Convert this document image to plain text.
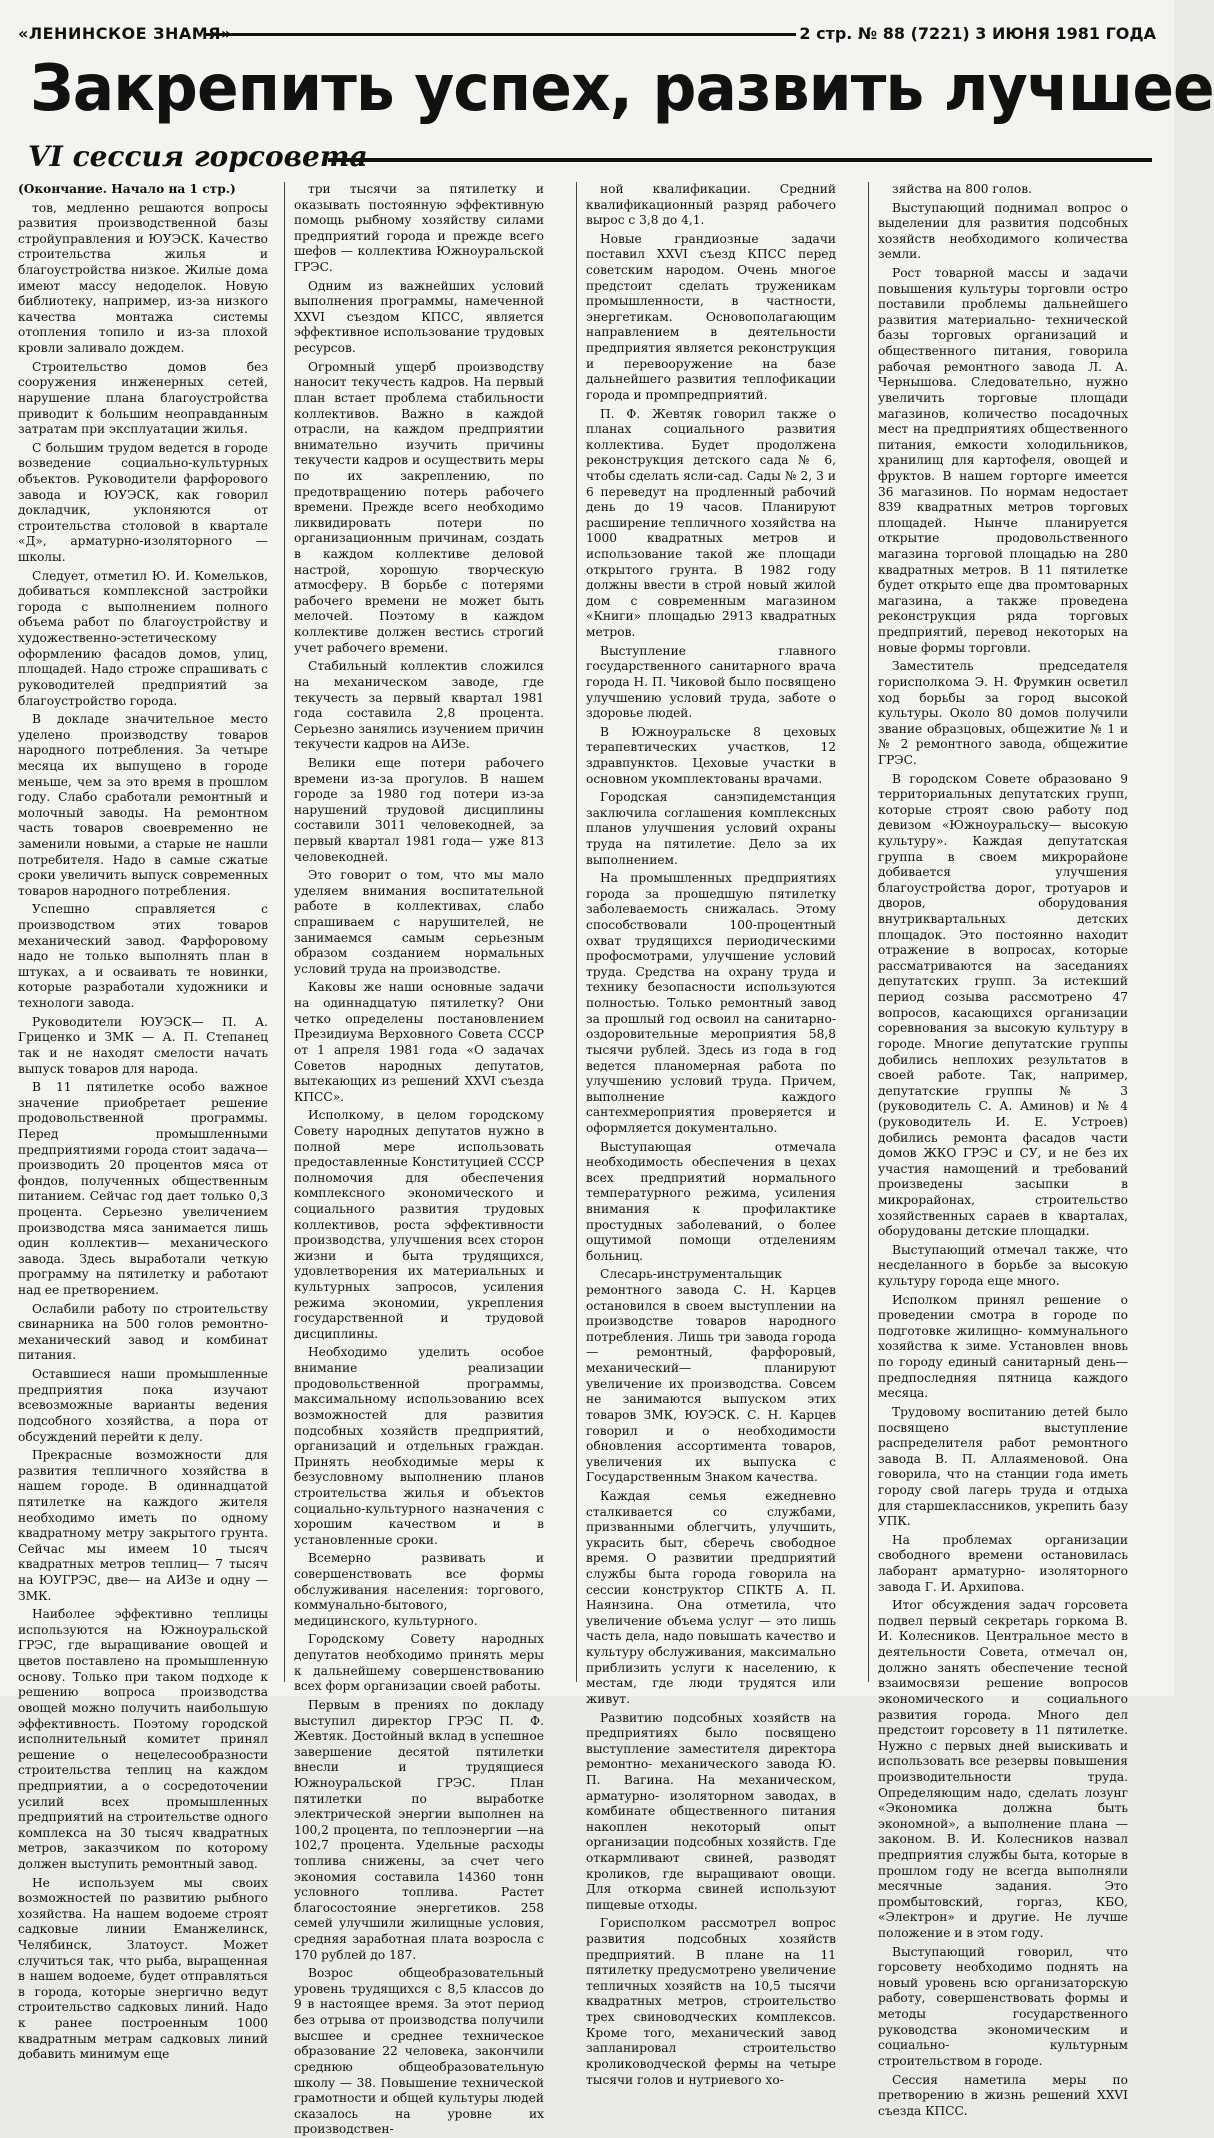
«ЛЕНИНСКОЕ ЗНАМЯ»	2 стр. № 88 (7221) 3 ИЮНЯ 1981 ГОДА
Закрепить успех, развить лучшее
VI сессия горсовета

(Окончание. Начало на 1 стр.)

тов, медленно решаются вопросы развития производственной базы стройуправления и ЮУЭСК. Качество строительства жилья и благоустройства низкое. Жилые дома имеют массу недоделок. Новую библиотеку, например, из-за низкого качества монтажа системы отопления топило и из-за плохой кровли заливало дождем.

Строительство домов без сооружения инженерных сетей, нарушение плана благоустройства приводит к большим неоправданным затратам при эксплуатации жилья.

С большим трудом ведется в городе возведение социально-культурных объектов. Руководители фарфорового завода и ЮУЭСК, как говорил докладчик, уклоняются от строительства столовой в квартале «Д», арматурно-изоляторного —школы.

Следует, отметил Ю. И. Комельков, добиваться комплексной застройки города с выполнением полного объема работ по благоустройству и художественно-эстетическому оформлению фасадов домов, улиц, площадей. Надо строже спрашивать с руководителей предприятий за благоустройство города.

В докладе значительное место уделено производству товаров народного потребления. За четыре месяца их выпущено в городе меньше, чем за это время в прошлом году. Слабо сработали ремонтный и молочный заводы. На ремонтном часть товаров своевременно не заменили новыми, а старые не нашли потребителя. Надо в самые сжатые сроки увеличить выпуск современных товаров народного потребления.

Успешно справляется с производством этих товаров механический завод. Фарфоровому надо не только выполнять план в штуках, а и осваивать те новинки, которые разработали художники и технологи завода.

Руководители ЮУЭСК— П. А. Гриценко и ЗМК — А. П. Степанец так и не находят смелости начать выпуск товаров для народа.

В 11 пятилетке особо важное значение приобретает решение продовольственной программы. Перед промышленными предприятиями города стоит задача— производить 20 процентов мяса от фондов, полученных общественным питанием. Сейчас год дает только 0,3 процента. Серьезно увеличением производства мяса занимается лишь один коллектив— механического завода. Здесь выработали четкую программу на пятилетку и работают над ее претворением.

Ослабили работу по строительству свинарника на 500 голов ремонтно-механический завод и комбинат питания.

Оставшиеся наши промышленные предприятия пока изучают всевозможные варианты ведения подсобного хозяйства, а пора от обсуждений перейти к делу.

Прекрасные возможности для развития тепличного хозяйства в нашем городе. В одиннадцатой пятилетке на каждого жителя необходимо иметь по одному квадратному метру закрытого грунта. Сейчас мы имеем 10 тысяч квадратных метров теплиц— 7 тысяч на ЮУГРЭС, две— на АИЗе и одну — ЗМК.

Наиболее эффективно теплицы используются на Южноуральской ГРЭС, где выращивание овощей и цветов поставлено на промышленную основу. Только при таком подходе к решению вопроса производства овощей можно получить наибольшую эффективность. Поэтому городской исполнительный комитет принял решение о нецелесообразности строительства теплиц на каждом предприятии, а о сосредоточении усилий всех промышленных предприятий на строительстве одного комплекса на 30 тысяч квадратных метров, заказчиком по которому должен выступить ремонтный завод.

Не используем мы своих возможностей по развитию рыбного хозяйства. На нашем водоеме строят садковые линии Еманжелинск, Челябинск, Златоуст. Может случиться так, что рыба, выращенная в нашем водоеме, будет отправляться в города, которые энергично ведут строительство садковых линий. Надо к ранее построенным 1000 квадратным метрам садковых линий добавить минимум еще

три тысячи за пятилетку и оказывать постоянную эффективную помощь рыбному хозяйству силами предприятий города и прежде всего шефов — коллектива Южноуральской ГРЭС.

Одним из важнейших условий выполнения программы, намеченной XXVI съездом КПСС, является эффективное использование трудовых ресурсов.

Огромный ущерб производству наносит текучесть кадров. На первый план встает проблема стабильности коллективов. Важно в каждой отрасли, на каждом предприятии внимательно изучить причины текучести кадров и осуществить меры по их закреплению, по предотвращению потерь рабочего времени. Прежде всего необходимо ликвидировать потери по организационным причинам, создать в каждом коллективе деловой настрой, хорошую творческую атмосферу. В борьбе с потерями рабочего времени не может быть мелочей. Поэтому в каждом коллективе должен вестись строгий учет рабочего времени.

Стабильный коллектив сложился на механическом заводе, где текучесть за первый квартал 1981 года составила 2,8 процента. Серьезно занялись изучением причин текучести кадров на АИЗе.

Велики еще потери рабочего времени из-за прогулов. В нашем городе за 1980 год потери из-за нарушений трудовой дисциплины составили 3011 человекодней, за первый квартал 1981 года— уже 813 человекодней.

Это говорит о том, что мы мало уделяем внимания воспитательной работе в коллективах, слабо спрашиваем с нарушителей, не занимаемся самым серьезным образом созданием нормальных условий труда на производстве.

Каковы же наши основные задачи на одиннадцатую пятилетку? Они четко определены постановлением Президиума Верховного Совета СССР от 1 апреля 1981 года «О задачах Советов народных депутатов, вытекающих из решений XXVI съезда КПСС».

Исполкому, в целом городскому Совету народных депутатов нужно в полной мере использовать предоставленные Конституцией СССР полномочия для обеспечения комплексного экономического и социального развития трудовых коллективов, роста эффективности производства, улучшения всех сторон жизни и быта трудящихся, удовлетворения их материальных и культурных запросов, усиления режима экономии, укрепления государственной и трудовой дисциплины.

Необходимо уделить особое внимание реализации продовольственной программы, максимальному использованию всех возможностей для развития подсобных хозяйств предприятий, организаций и отдельных граждан. Принять необходимые меры к безусловному выполнению планов строительства жилья и объектов социально-культурного назначения с хорошим качеством и в установленные сроки.

Всемерно развивать и совершенствовать все формы обслуживания населения: торгового, коммунально-бытового, медицинского, культурного.

Городскому Совету народных депутатов необходимо принять меры к дальнейшему совершенствованию всех форм организации своей работы.

Первым в прениях по докладу выступил директор ГРЭС П. Ф. Жевтяк. Достойный вклад в успешное завершение десятой пятилетки внесли и трудящиеся Южноуральской ГРЭС. План пятилетки по выработке электрической энергии выполнен на 100,2 процента, по теплоэнергии —на 102,7 процента. Удельные расходы топлива снижены, за счет чего экономия составила 14360 тонн условного топлива. Растет благосостояние энергетиков. 258 семей улучшили жилищные условия, средняя заработная плата возросла с 170 рублей до 187.

Возрос общеобразовательный уровень трудящихся с 8,5 классов до 9 в настоящее время. За этот период без отрыва от производства получили высшее и среднее техническое образование 22 человека, закончили среднюю общеобразовательную школу — 38. Повышение технической грамотности и общей культуры людей сказалось на уровне их производствен-

ной квалификации. Средний квалификационный разряд рабочего вырос с 3,8 до 4,1.

Новые грандиозные задачи поставил XXVI съезд КПСС перед советским народом. Очень многое предстоит сделать труженикам промышленности, в частности, энергетикам. Основополагающим направлением в деятельности предприятия является реконструкция и перевооружение на базе дальнейшего развития теплофикации города и промпредприятий.

П. Ф. Жевтяк говорил также о планах социального развития коллектива. Будет продолжена реконструкция детского сада № 6, чтобы сделать ясли-сад. Сады № 2, 3 и 6 переведут на продленный рабочий день до 19 часов. Планируют расширение тепличного хозяйства на 1000 квадратных метров и использование такой же площади открытого грунта. В 1982 году должны ввести в строй новый жилой дом с современным магазином «Книги» площадью 2913 квадратных метров.

Выступление главного государственного санитарного врача города Н. П. Чиковой было посвящено улучшению условий труда, заботе о здоровье людей.

В Южноуральске 8 цеховых терапевтических участков, 12 здравпунктов. Цеховые участки в основном укомплектованы врачами.

Городская санэпидемстанция заключила соглашения комплексных планов улучшения условий охраны труда на пятилетие. Дело за их выполнением.

На промышленных предприятиях города за прошедшую пятилетку заболеваемость снижалась. Этому способствовали 100-процентный охват трудящихся периодическими профосмотрами, улучшение условий труда. Средства на охрану труда и технику безопасности используются полностью. Только ремонтный завод за прошлый год освоил на санитарно-оздоровительные мероприятия 58,8 тысячи рублей. Здесь из года в год ведется планомерная работа по улучшению условий труда. Причем, выполнение каждого сантехмероприятия проверяется и оформляется документально.

Выступающая отмечала необходимость обеспечения в цехах всех предприятий нормального температурного режима, усиления внимания к профилактике простудных заболеваний, о более ощутимой помощи отделениям больниц.

Слесарь-инструментальщик ремонтного завода С. Н. Карцев остановился в своем выступлении на производстве товаров народного потребления. Лишь три завода города — ремонтный, фарфоровый, механический— планируют увеличение их производства. Совсем не занимаются выпуском этих товаров ЗМК, ЮУЭСК. С. Н. Карцев говорил и о необходимости обновления ассортимента товаров, увеличения их выпуска с Государственным Знаком качества.

Каждая семья ежедневно сталкивается со службами, призванными облегчить, улучшить, украсить быт, сберечь свободное время. О развитии предприятий службы быта города говорила на сессии конструктор СПКТБ А. П. Наянзина. Она отметила, что увеличение объема услуг — это лишь часть дела, надо повышать качество и культуру обслуживания, максимально приблизить услуги к населению, к местам, где люди трудятся или живут.

Развитию подсобных хозяйств на предприятиях было посвящено выступление заместителя директора ремонтно- механического завода Ю. П. Вагина. На механическом, арматурно- изоляторном заводах, в комбинате общественного питания накоплен некоторый опыт организации подсобных хозяйств. Где откармливают свиней, разводят кроликов, где выращивают овощи. Для откорма свиней используют пищевые отходы.

Горисполком рассмотрел вопрос развития подсобных хозяйств предприятий. В плане на 11 пятилетку предусмотрено увеличение тепличных хозяйств на 10,5 тысячи квадратных метров, строительство трех свиноводческих комплексов. Кроме того, механический завод запланировал строительство кролиководческой фермы на четыре тысячи голов и нутриевого хо-

зяйства на 800 голов.

Выступающий поднимал вопрос о выделении для развития подсобных хозяйств необходимого количества земли.

Рост товарной массы и задачи повышения культуры торговли остро поставили проблемы дальнейшего развития материально- технической базы торговых организаций и общественного питания, говорила рабочая ремонтного завода Л. А. Чернышова. Следовательно, нужно увеличить торговые площади магазинов, количество посадочных мест на предприятиях общественного питания, емкости холодильников, хранилищ для картофеля, овощей и фруктов. В нашем горторге имеется 36 магазинов. По нормам недостает 839 квадратных метров торговых площадей. Нынче планируется открытие продовольственного магазина торговой площадью на 280 квадратных метров. В 11 пятилетке будет открыто еще два промтоварных магазина, а также проведена реконструкция ряда торговых предприятий, перевод некоторых на новые формы торговли.

Заместитель председателя горисполкома Э. Н. Фрумкин осветил ход борьбы за город высокой культуры. Около 80 домов получили звание образцовых, общежитие № 1 и № 2 ремонтного завода, общежитие ГРЭС.

В городском Совете образовано 9 территориальных депутатских групп, которые строят свою работу под девизом «Южноуральску— высокую культуру». Каждая депутатская группа в своем микрорайоне добивается улучшения благоустройства дорог, тротуаров и дворов, оборудования внутриквартальных детских площадок. Это постоянно находит отражение в вопросах, которые рассматриваются на заседаниях депутатских групп. За истекший период созыва рассмотрено 47 вопросов, касающихся организации соревнования за высокую культуру в городе. Многие депутатские группы добились неплохих результатов в своей работе. Так, например, депутатские группы № 3 (руководитель С. А. Аминов) и № 4 (руководитель И. Е. Устроев) добились ремонта фасадов части домов ЖКО ГРЭС и СУ, и не без их участия намощений и требований произведены засыпки в микрорайонах, строительство хозяйственных сараев в кварталах, оборудованы детские площадки.

Выступающий отмечал также, что несделанного в борьбе за высокую культуру города еще много.

Исполком принял решение о проведении смотра в городе по подготовке жилищно- коммунального хозяйства к зиме. Установлен вновь по городу единый санитарный день—предпоследняя пятница каждого месяца.

Трудовому воспитанию детей было посвящено выступление распределителя работ ремонтного завода В. П. Аллаяменовой. Она говорила, что на станции года иметь городу свой лагерь труда и отдыха для старшеклассников, укрепить базу УПК.

На проблемах организации свободного времени остановилась лаборант арматурно- изоляторного завода Г. И. Архипова.

Итог обсуждения задач горсовета подвел первый секретарь горкома В. И. Колесников. Центральное место в деятельности Совета, отмечал он, должно занять обеспечение тесной взаимосвязи решение вопросов экономического и социального развития города. Много дел предстоит горсовету в 11 пятилетке. Нужно с первых дней выискивать и использовать все резервы повышения производительности труда. Определяющим надо, сделать лозунг «Экономика должна быть экономной», а выполнение плана — законом. В. И. Колесников назвал предприятия службы быта, которые в прошлом году не всегда выполняли месячные задания. Это промбытовский, горгаз, КБО, «Электрон» и другие. Не лучше положение и в этом году.

Выступающий говорил, что горсовету необходимо поднять на новый уровень всю организаторскую работу, совершенствовать формы и методы государственного руководства экономическим и социально- культурным строительством в городе.

Сессия наметила меры по претворению в жизнь решений XXVI съезда КПСС.
